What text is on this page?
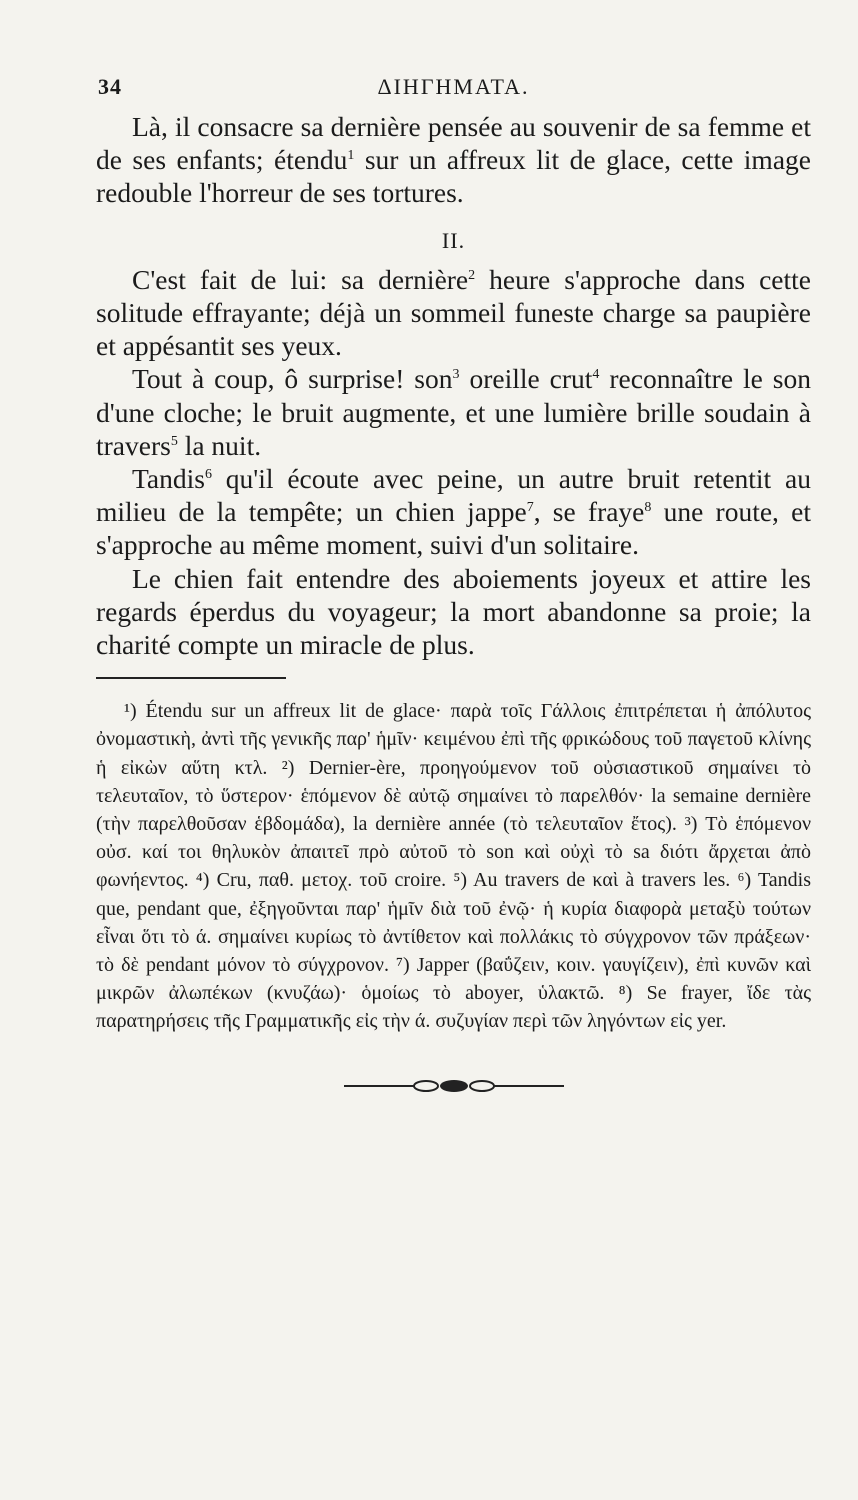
34	ΔΙΗΓΗΜΑΤΑ.

Là, il consacre sa dernière pensée au souvenir de sa femme et de ses enfants; étendu$^1$ sur un affreux lit de glace, cette image redouble l'horreur de ses tortures.

II.

C'est fait de lui: sa dernière$^2$ heure s'approche dans cette solitude effrayante; déjà un sommeil funeste charge sa paupière et appésantit ses yeux.

Tout à coup, ô surprise! son$^3$ oreille crut$^4$ reconnaître le son d'une cloche; le bruit augmente, et une lumière brille soudain à travers$^5$ la nuit.

Tandis$^6$ qu'il écoute avec peine, un autre bruit retentit au milieu de la tempête; un chien jappe$^7$, se fraye$^8$ une route, et s'approche au même moment, suivi d'un solitaire.

Le chien fait entendre des aboiements joyeux et attire les regards éperdus du voyageur; la mort abandonne sa proie; la charité compte un miracle de plus.

¹) Étendu sur un affreux lit de glace· παρὰ τοῖς Γάλλοις ἐπιτρέπεται ἡ ἀπόλυτος ὀνομαστικὴ, ἀντὶ τῆς γενικῆς παρ' ἡμῖν· κειμένου ἐπὶ τῆς φρικώδους τοῦ παγετοῦ κλίνης ἡ εἰκὼν αὕτη κτλ. ²) Dernier-ère, προηγούμενον τοῦ οὐσιαστικοῦ σημαίνει τὸ τελευταῖον, τὸ ὕστερον· ἑπόμενον δὲ αὐτῷ σημαίνει τὸ παρελθόν· la semaine dernière (τὴν παρελθοῦσαν ἑβδομάδα), la dernière année (τὸ τελευταῖον ἔτος). ³) Τὸ ἑπόμενον οὐσ. καί τοι θηλυκὸν ἀπαιτεῖ πρὸ αὐτοῦ τὸ son καὶ οὐχὶ τὸ sa διότι ἄρχεται ἀπὸ φωνήεντος. ⁴) Cru, παθ. μετοχ. τοῦ croire. ⁵) Au travers de καὶ à travers les. ⁶) Tandis que, pendant que, ἐξηγοῦνται παρ' ἡμῖν διὰ τοῦ ἐνῷ· ἡ κυρία διαφορὰ μεταξὺ τούτων εἶναι ὅτι τὸ ά. σημαίνει κυρίως τὸ ἀντίθετον καὶ πολλάκις τὸ σύγχρονον τῶν πράξεων· τὸ δὲ pendant μόνον τὸ σύγχρονον. ⁷) Japper (βαΰζειν, κοιν. γαυγίζειν), ἐπὶ κυνῶν καὶ μικρῶν ἀλωπέκων (κνυζάω)· ὁμοίως τὸ aboyer, ὑλακτῶ. ⁸) Se frayer, ἴδε τὰς παρατηρήσεις τῆς Γραμματικῆς εἰς τὴν ά. συζυγίαν περὶ τῶν ληγόντων εἰς yer.
